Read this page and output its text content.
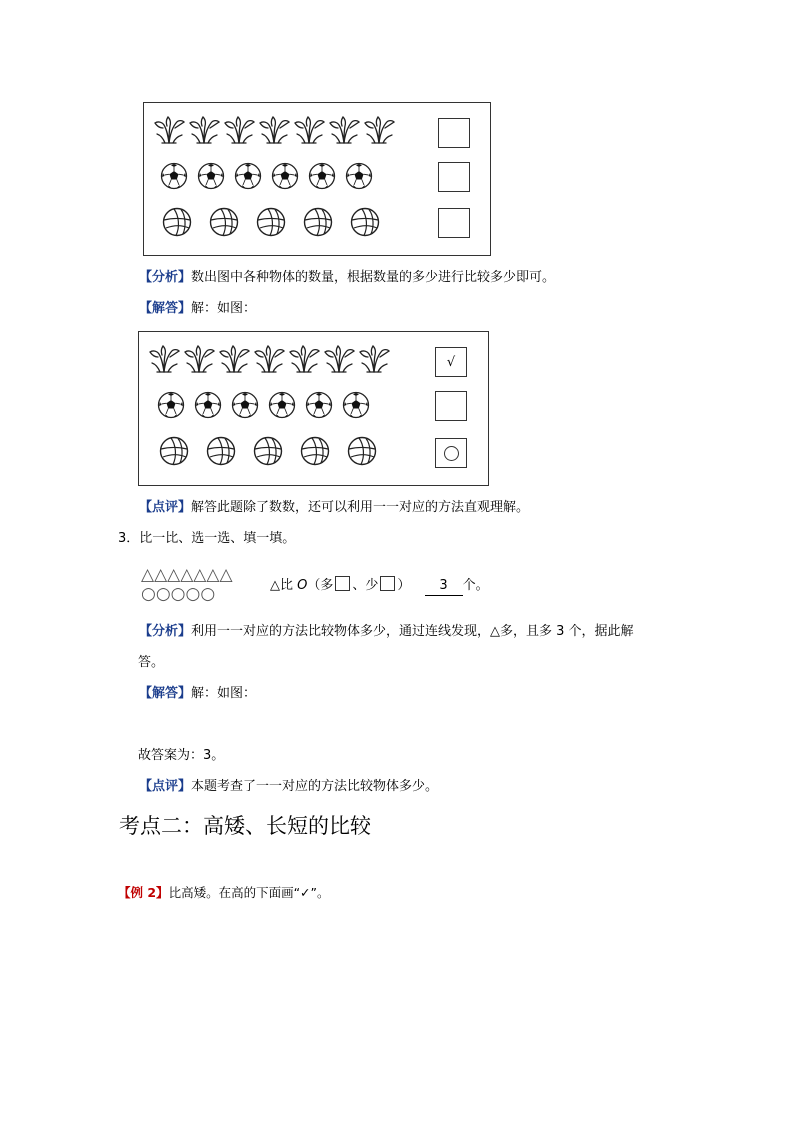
【分析】数出图中各种物体的数量，根据数量的多少进行比较多少即可。
【解答】解：如图：
√
【点评】解答此题除了数数，还可以利用一一对应的方法直观理解。
3．比一比、选一选、填一填。
△△△△△△△
○○○○○	△比 O（多 、少 ） 3 个。
【分析】利用一一对应的方法比较物体多少，通过连线发现，△多，且多 3 个，据此解
答。
【解答】解：如图：
故答案为：3。
【点评】本题考查了一一对应的方法比较物体多少。
考点二：高矮、长短的比较
【例 2】比高矮。在高的下面画“✓”。
